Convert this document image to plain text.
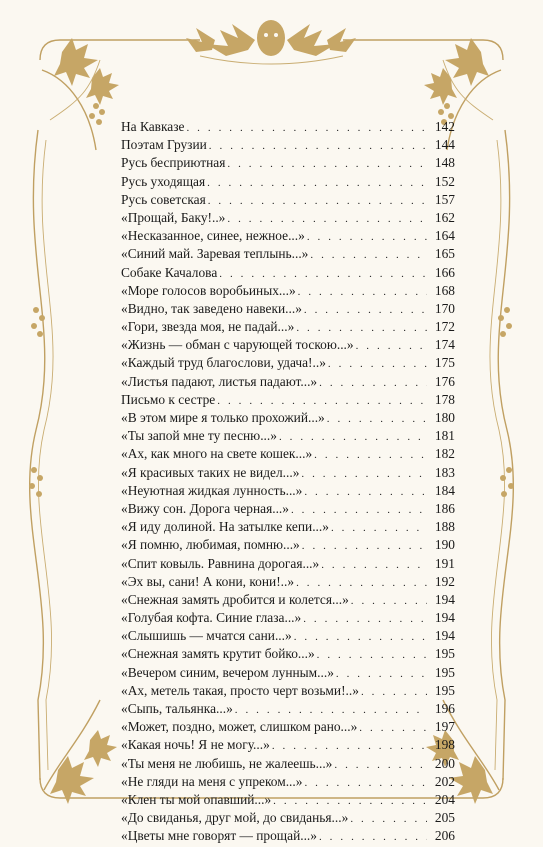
На Кавказе . . .	142
Поэтам Грузии . . .	144
Русь бесприютная . . .	148
Русь уходящая . . .	152
Русь советская . . .	157
«Прощай, Баку!..» . . .	162
«Несказанное, синее, нежное...» . . .	164
«Синий май. Заревая теплынь...» . . .	165
Собаке Качалова . . .	166
«Море голосов воробьиных...» . . .	168
«Видно, так заведено навеки...» . . .	170
«Гори, звезда моя, не падай...» . . .	172
«Жизнь — обман с чарующей тоскою...» . . .	174
«Каждый труд благослови, удача!..» . . .	175
«Листья падают, листья падают...» . . .	176
Письмо к сестре . . .	178
«В этом мире я только прохожий...» . . .	180
«Ты запой мне ту песню...» . . .	181
«Ах, как много на свете кошек...» . . .	182
«Я красивых таких не видел...» . . .	183
«Неуютная жидкая лунность...» . . .	184
«Вижу сон. Дорога черная...» . . .	186
«Я иду долиной. На затылке кепи...» . . .	188
«Я помню, любимая, помню...» . . .	190
«Спит ковыль. Равнина дорогая...» . . .	191
«Эх вы, сани! А кони, кони!..» . . .	192
«Снежная замять дробится и колется...» . . .	194
«Голубая кофта. Синие глаза...» . . .	194
«Слышишь — мчатся сани...» . . .	194
«Снежная замять крутит бойко...» . . .	195
«Вечером синим, вечером лунным...» . . .	195
«Ах, метель такая, просто черт возьми!..» . . .	195
«Сыпь, тальянка...» . . .	196
«Может, поздно, может, слишком рано...» . . .	197
«Какая ночь! Я не могу...» . . .	198
«Ты меня не любишь, не жалеешь...» . . .	200
«Не гляди на меня с упреком...» . . .	202
«Клен ты мой опавший...» . . .	204
«До свиданья, друг мой, до свиданья...» . . .	205
«Цветы мне говорят — прощай...» . . .	206
